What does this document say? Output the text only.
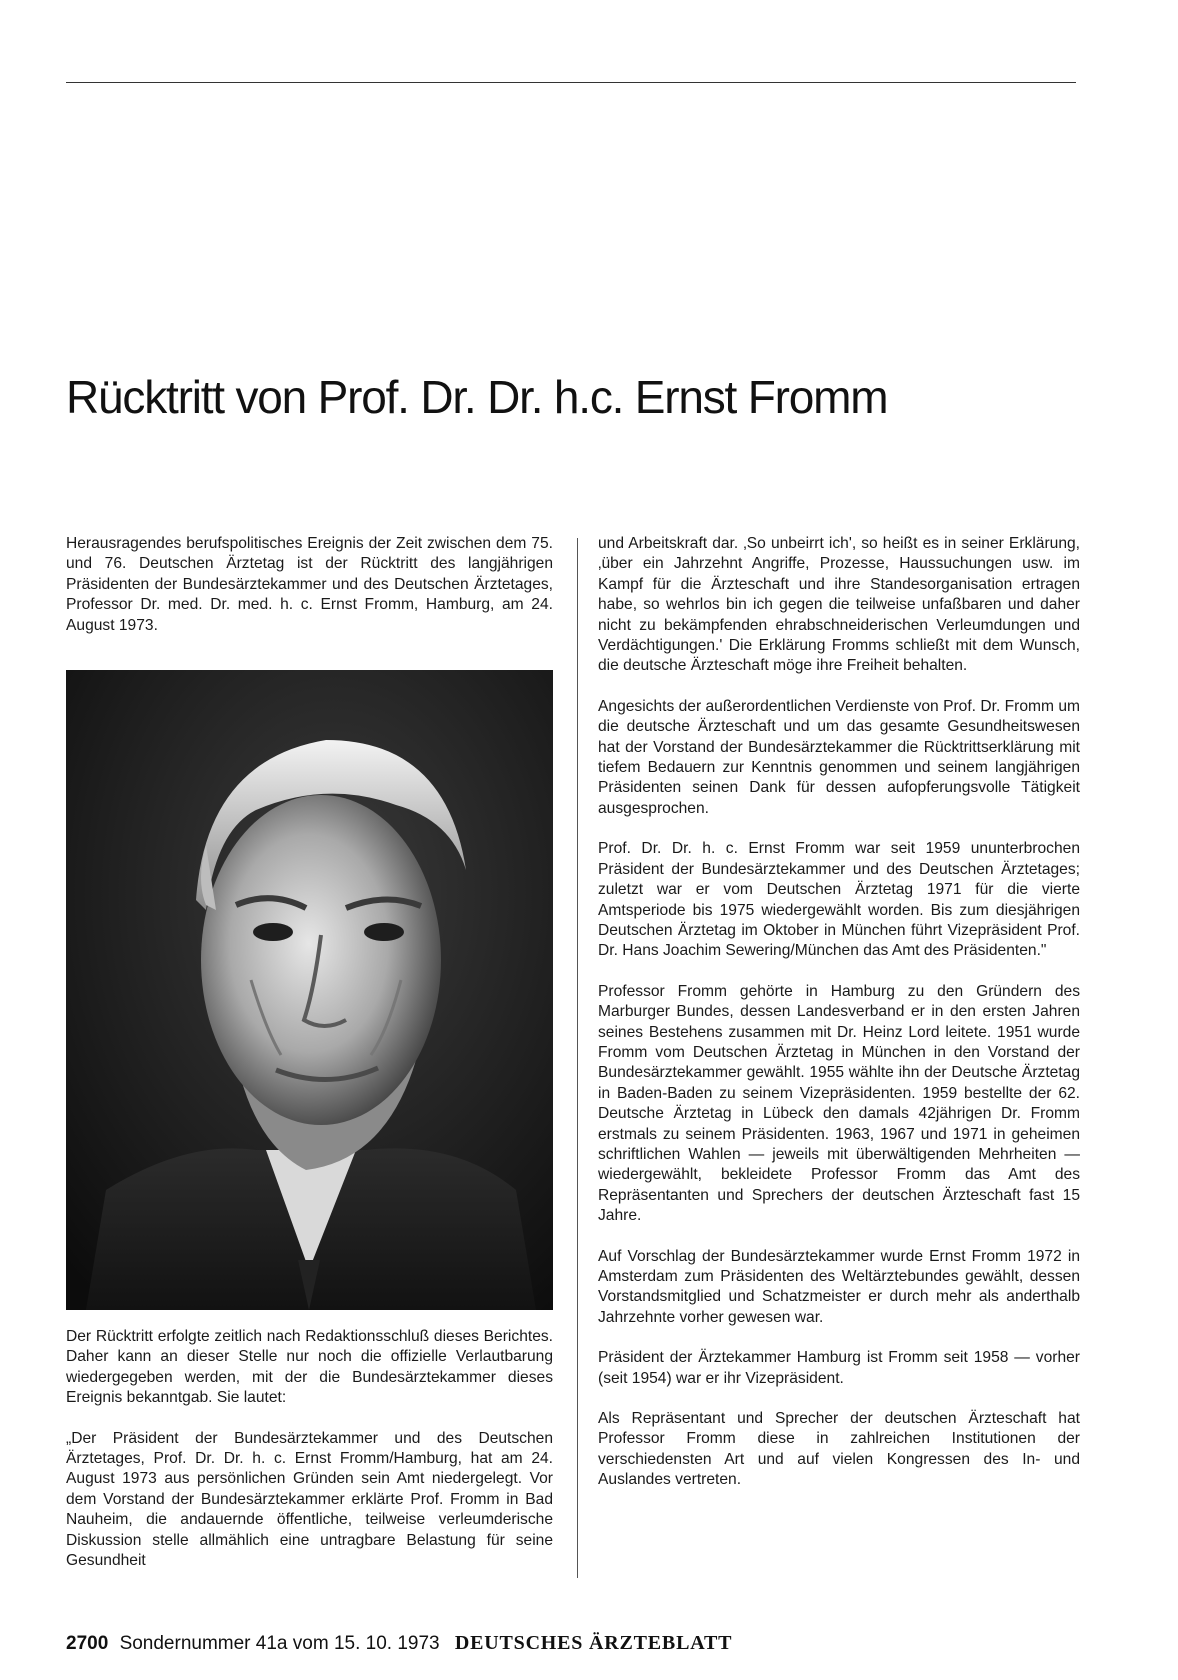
Rücktritt von Prof. Dr. Dr. h.c. Ernst Fromm

Herausragendes berufspolitisches Ereignis der Zeit zwischen dem 75. und 76. Deutschen Ärztetag ist der Rücktritt des langjährigen Präsidenten der Bundesärztekammer und des Deutschen Ärztetages, Professor Dr. med. Dr. med. h. c. Ernst Fromm, Hamburg, am 24. August 1973.

Der Rücktritt erfolgte zeitlich nach Redaktionsschluß dieses Berichtes. Daher kann an dieser Stelle nur noch die offizielle Verlautbarung wiedergegeben werden, mit der die Bundesärztekammer dieses Ereignis bekanntgab. Sie lautet:

„Der Präsident der Bundesärztekammer und des Deutschen Ärztetages, Prof. Dr. Dr. h. c. Ernst Fromm/Hamburg, hat am 24. August 1973 aus persönlichen Gründen sein Amt niedergelegt. Vor dem Vorstand der Bundesärztekammer erklärte Prof. Fromm in Bad Nauheim, die andauernde öffentliche, teilweise verleumderische Diskussion stelle allmählich eine untragbare Belastung für seine Gesundheit

und Arbeitskraft dar. ‚So unbeirrt ich', so heißt es in seiner Erklärung, ‚über ein Jahrzehnt Angriffe, Prozesse, Haussuchungen usw. im Kampf für die Ärzteschaft und ihre Standesorganisation ertragen habe, so wehrlos bin ich gegen die teilweise unfaßbaren und daher nicht zu bekämpfenden ehrabschneiderischen Verleumdungen und Verdächtigungen.' Die Erklärung Fromms schließt mit dem Wunsch, die deutsche Ärzteschaft möge ihre Freiheit behalten.

Angesichts der außerordentlichen Verdienste von Prof. Dr. Fromm um die deutsche Ärzteschaft und um das gesamte Gesundheitswesen hat der Vorstand der Bundesärztekammer die Rücktrittserklärung mit tiefem Bedauern zur Kenntnis genommen und seinem langjährigen Präsidenten seinen Dank für dessen aufopferungsvolle Tätigkeit ausgesprochen.

Prof. Dr. Dr. h. c. Ernst Fromm war seit 1959 ununterbrochen Präsident der Bundesärztekammer und des Deutschen Ärztetages; zuletzt war er vom Deutschen Ärztetag 1971 für die vierte Amtsperiode bis 1975 wiedergewählt worden. Bis zum diesjährigen Deutschen Ärztetag im Oktober in München führt Vizepräsident Prof. Dr. Hans Joachim Sewering/München das Amt des Präsidenten."

Professor Fromm gehörte in Hamburg zu den Gründern des Marburger Bundes, dessen Landesverband er in den ersten Jahren seines Bestehens zusammen mit Dr. Heinz Lord leitete. 1951 wurde Fromm vom Deutschen Ärztetag in München in den Vorstand der Bundesärztekammer gewählt. 1955 wählte ihn der Deutsche Ärztetag in Baden-Baden zu seinem Vizepräsidenten. 1959 bestellte der 62. Deutsche Ärztetag in Lübeck den damals 42jährigen Dr. Fromm erstmals zu seinem Präsidenten. 1963, 1967 und 1971 in geheimen schriftlichen Wahlen — jeweils mit überwältigenden Mehrheiten — wiedergewählt, bekleidete Professor Fromm das Amt des Repräsentanten und Sprechers der deutschen Ärzteschaft fast 15 Jahre.

Auf Vorschlag der Bundesärztekammer wurde Ernst Fromm 1972 in Amsterdam zum Präsidenten des Weltärztebundes gewählt, dessen Vorstandsmitglied und Schatzmeister er durch mehr als anderthalb Jahrzehnte vorher gewesen war.

Präsident der Ärztekammer Hamburg ist Fromm seit 1958 — vorher (seit 1954) war er ihr Vizepräsident.

Als Repräsentant und Sprecher der deutschen Ärzteschaft hat Professor Fromm diese in zahlreichen Institutionen der verschiedensten Art und auf vielen Kongressen des In- und Auslandes vertreten.

2700 Sondernummer 41a vom 15. 10. 1973 DEUTSCHES ÄRZTEBLATT
